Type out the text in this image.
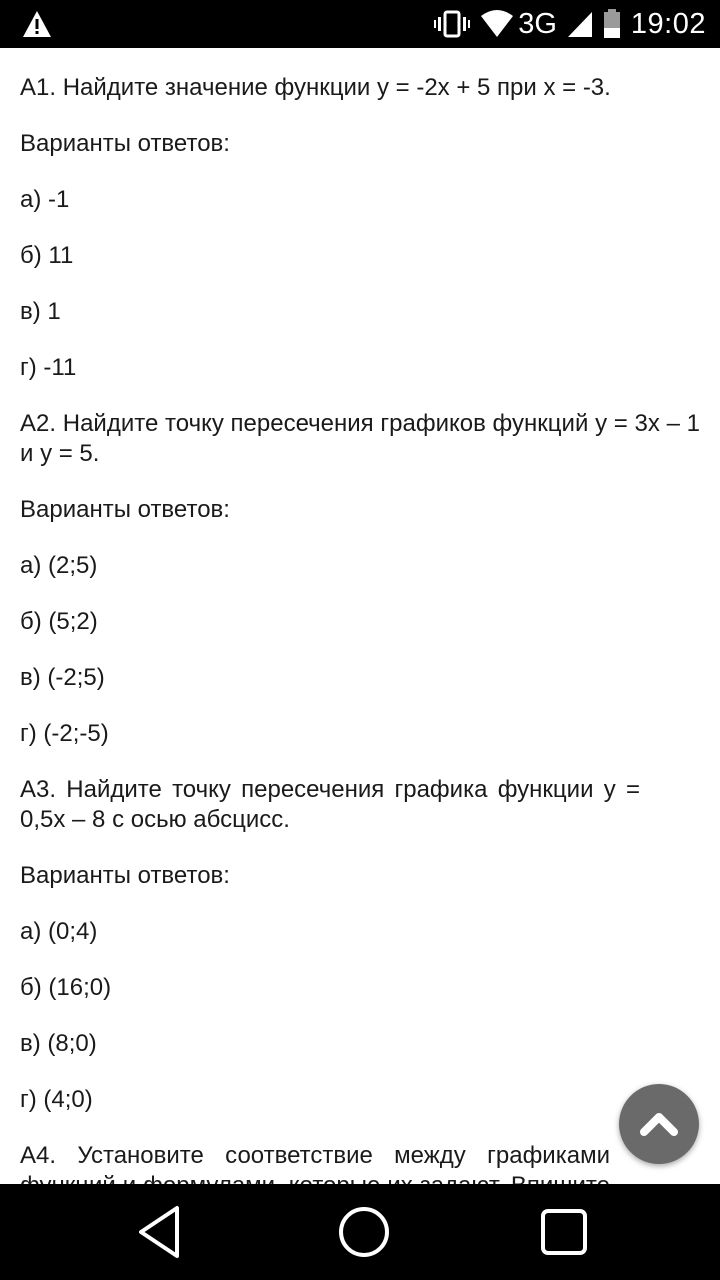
3G	19:02
А1. Найдите значение функции у = -2х + 5 при х = -3.
Варианты ответов:
а) -1
б) 11
в) 1
г) -11
А2. Найдите точку пересечения графиков функций у = 3х – 1 и у = 5.
Варианты ответов:
а) (2;5)
б) (5;2)
в) (-2;5)
г) (-2;-5)
А3. Найдите точку пересечения графика функции у = 0,5х – 8 с осью абсцисс.
Варианты ответов:
а) (0;4)
б) (16;0)
в) (8;0)
г) (4;0)
А4. Установите соответствие между графиками
